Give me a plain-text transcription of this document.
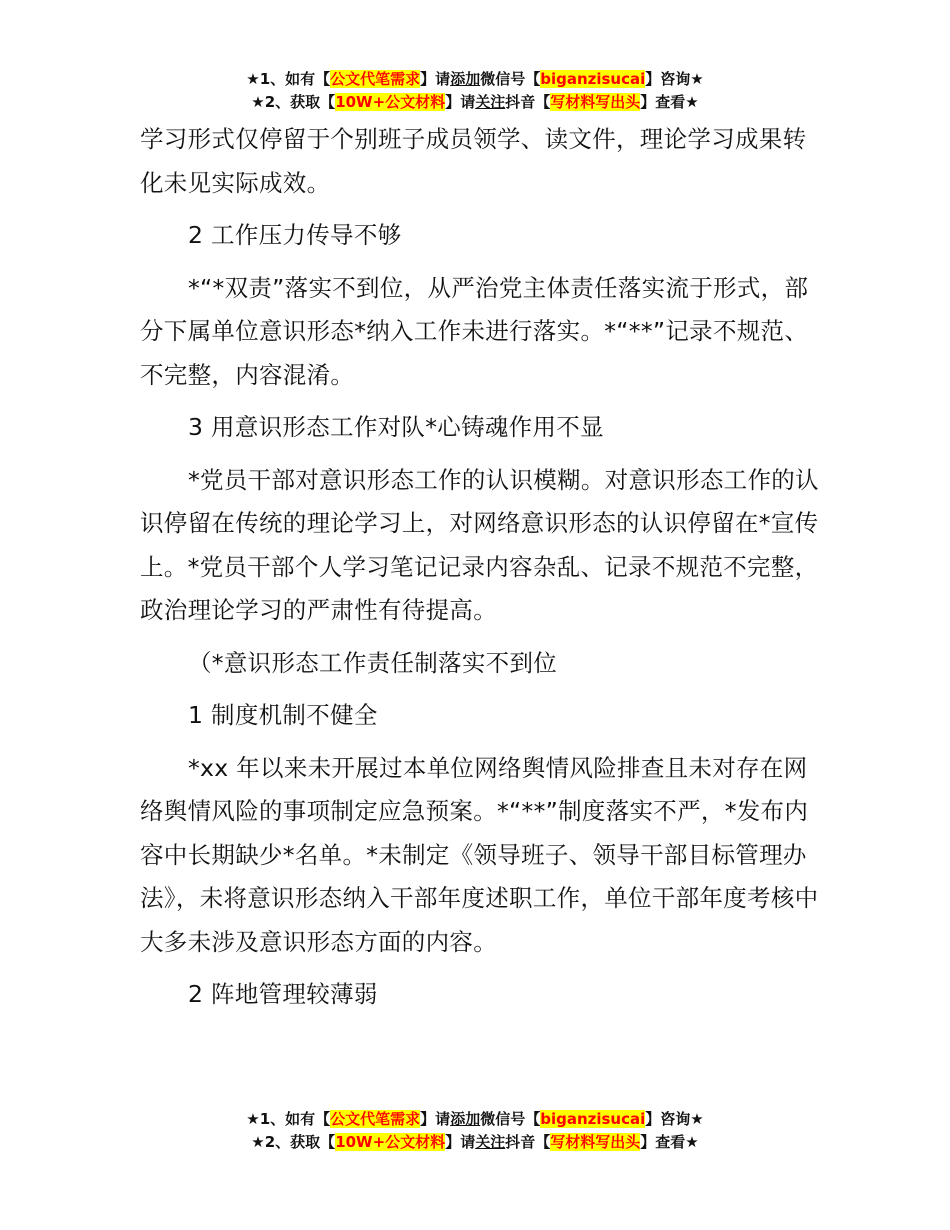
★1、如有【公文代笔需求】请添加微信号【biganzisucai】咨询★
★2、获取【10W+公文材料】请关注抖音【写材料写出头】查看★

学习形式仅停留于个别班子成员领学、读文件，理论学习成果转化未见实际成效。

2 工作压力传导不够

*“*双责”落实不到位，从严治党主体责任落实流于形式，部分下属单位意识形态*纳入工作未进行落实。*“**”记录不规范、不完整，内容混淆。

3 用意识形态工作对队*心铸魂作用不显

*党员干部对意识形态工作的认识模糊。对意识形态工作的认识停留在传统的理论学习上，对网络意识形态的认识停留在*宣传上。*党员干部个人学习笔记记录内容杂乱、记录不规范不完整，政治理论学习的严肃性有待提高。

（*意识形态工作责任制落实不到位

1 制度机制不健全

*xx 年以来未开展过本单位网络舆情风险排查且未对存在网络舆情风险的事项制定应急预案。*“**”制度落实不严，*发布内容中长期缺少*名单。*未制定《领导班子、领导干部目标管理办法》，未将意识形态纳入干部年度述职工作，单位干部年度考核中大多未涉及意识形态方面的内容。

2 阵地管理较薄弱

★1、如有【公文代笔需求】请添加微信号【biganzisucai】咨询★
★2、获取【10W+公文材料】请关注抖音【写材料写出头】查看★
